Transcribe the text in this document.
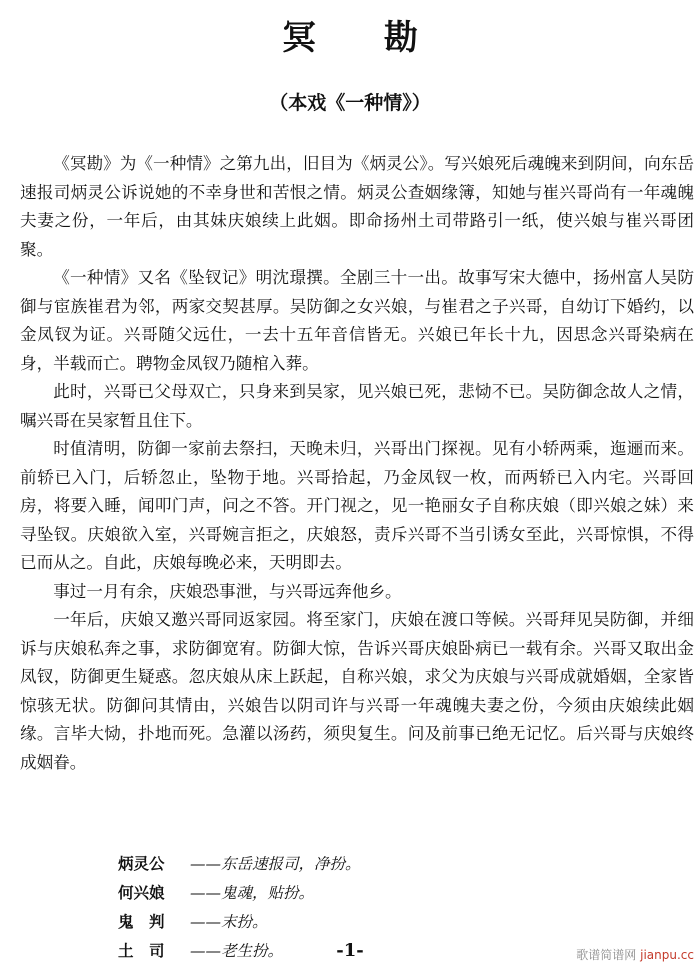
冥 勘
（本戏《一种情》）

《冥勘》为《一种情》之第九出，旧目为《炳灵公》。写兴娘死后魂魄来到阴间，向东岳速报司炳灵公诉说她的不幸身世和苦恨之情。炳灵公查姻缘簿，知她与崔兴哥尚有一年魂魄夫妻之份，一年后，由其妹庆娘续上此姻。即命扬州土司带路引一纸，使兴娘与崔兴哥团聚。

《一种情》又名《坠钗记》明沈璟撰。全剧三十一出。故事写宋大德中，扬州富人吴防御与宦族崔君为邻，两家交契甚厚。吴防御之女兴娘，与崔君之子兴哥，自幼订下婚约，以金凤钗为证。兴哥随父远仕，一去十五年音信皆无。兴娘已年长十九，因思念兴哥染病在身，半载而亡。聘物金凤钗乃随棺入葬。

此时，兴哥已父母双亡，只身来到吴家，见兴娘已死，悲恸不已。吴防御念故人之情，嘱兴哥在吴家暂且住下。

时值清明，防御一家前去祭扫，天晚未归，兴哥出门探视。见有小轿两乘，迤逦而来。前轿已入门，后轿忽止，坠物于地。兴哥拾起，乃金凤钗一枚，而两轿已入内宅。兴哥回房，将要入睡，闻叩门声，问之不答。开门视之，见一艳丽女子自称庆娘（即兴娘之妹）来寻坠钗。庆娘欲入室，兴哥婉言拒之，庆娘怒，责斥兴哥不当引诱女至此，兴哥惊惧，不得已而从之。自此，庆娘每晚必来，天明即去。

事过一月有余，庆娘恐事泄，与兴哥远奔他乡。

一年后，庆娘又邀兴哥同返家园。将至家门，庆娘在渡口等候。兴哥拜见吴防御，并细诉与庆娘私奔之事，求防御宽宥。防御大惊，告诉兴哥庆娘卧病已一载有余。兴哥又取出金凤钗，防御更生疑惑。忽庆娘从床上跃起，自称兴娘，求父为庆娘与兴哥成就婚姻，全家皆惊骇无状。防御问其情由，兴娘告以阴司许与兴哥一年魂魄夫妻之份，今须由庆娘续此姻缘。言毕大恸，扑地而死。急灌以汤药，须臾复生。问及前事已绝无记忆。后兴哥与庆娘终成姻眷。

炳灵公 ——东岳速报司，净扮。
何兴娘 ——鬼魂，贴扮。
鬼　判 ——末扮。
土　司 ——老生扮。	-1-	歌谱简谱网 jianpu.cc
